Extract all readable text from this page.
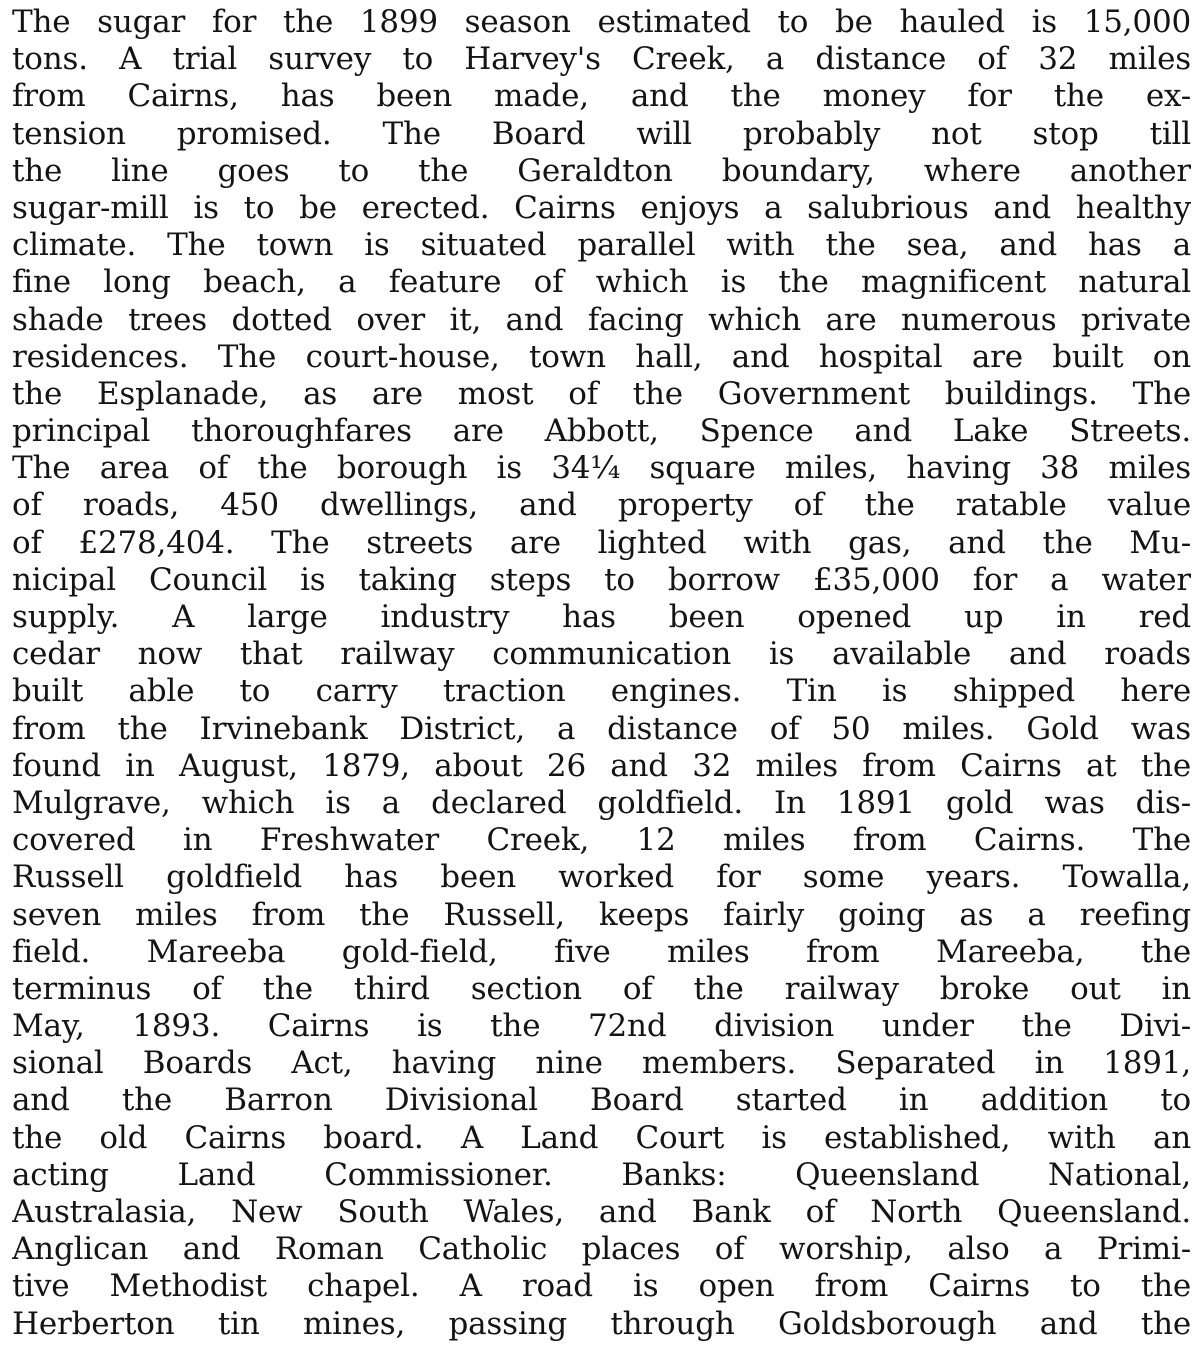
The sugar for the 1899 season estimated to be hauled is 15,000
tons. A trial survey to Harvey's Creek, a distance of 32 miles
from Cairns, has been made, and the money for the ex-
tension promised. The Board will probably not stop till
the line goes to the Geraldton boundary, where another
sugar-mill is to be erected. Cairns enjoys a salubrious and healthy
climate. The town is situated parallel with the sea, and has a
fine long beach, a feature of which is the magnificent natural
shade trees dotted over it, and facing which are numerous private
residences. The court-house, town hall, and hospital are built on
the Esplanade, as are most of the Government buildings. The
principal thoroughfares are Abbott, Spence and Lake Streets.
The area of the borough is 34¼ square miles, having 38 miles
of roads, 450 dwellings, and property of the ratable value
of £278,404. The streets are lighted with gas, and the Mu-
nicipal Council is taking steps to borrow £35,000 for a water
supply. A large industry has been opened up in red
cedar now that railway communication is available and roads
built able to carry traction engines. Tin is shipped here
from the Irvinebank District, a distance of 50 miles. Gold was
found in August, 1879, about 26 and 32 miles from Cairns at the
Mulgrave, which is a declared goldfield. In 1891 gold was dis-
covered in Freshwater Creek, 12 miles from Cairns. The
Russell goldfield has been worked for some years. Towalla,
seven miles from the Russell, keeps fairly going as a reefing
field. Mareeba gold-field, five miles from Mareeba, the
terminus of the third section of the railway broke out in
May, 1893. Cairns is the 72nd division under the Divi-
sional Boards Act, having nine members. Separated in 1891,
and the Barron Divisional Board started in addition to
the old Cairns board. A Land Court is established, with an
acting Land Commissioner. Banks: Queensland National,
Australasia, New South Wales, and Bank of North Queensland.
Anglican and Roman Catholic places of worship, also a Primi-
tive Methodist chapel. A road is open from Cairns to the
Herberton tin mines, passing through Goldsborough and the
